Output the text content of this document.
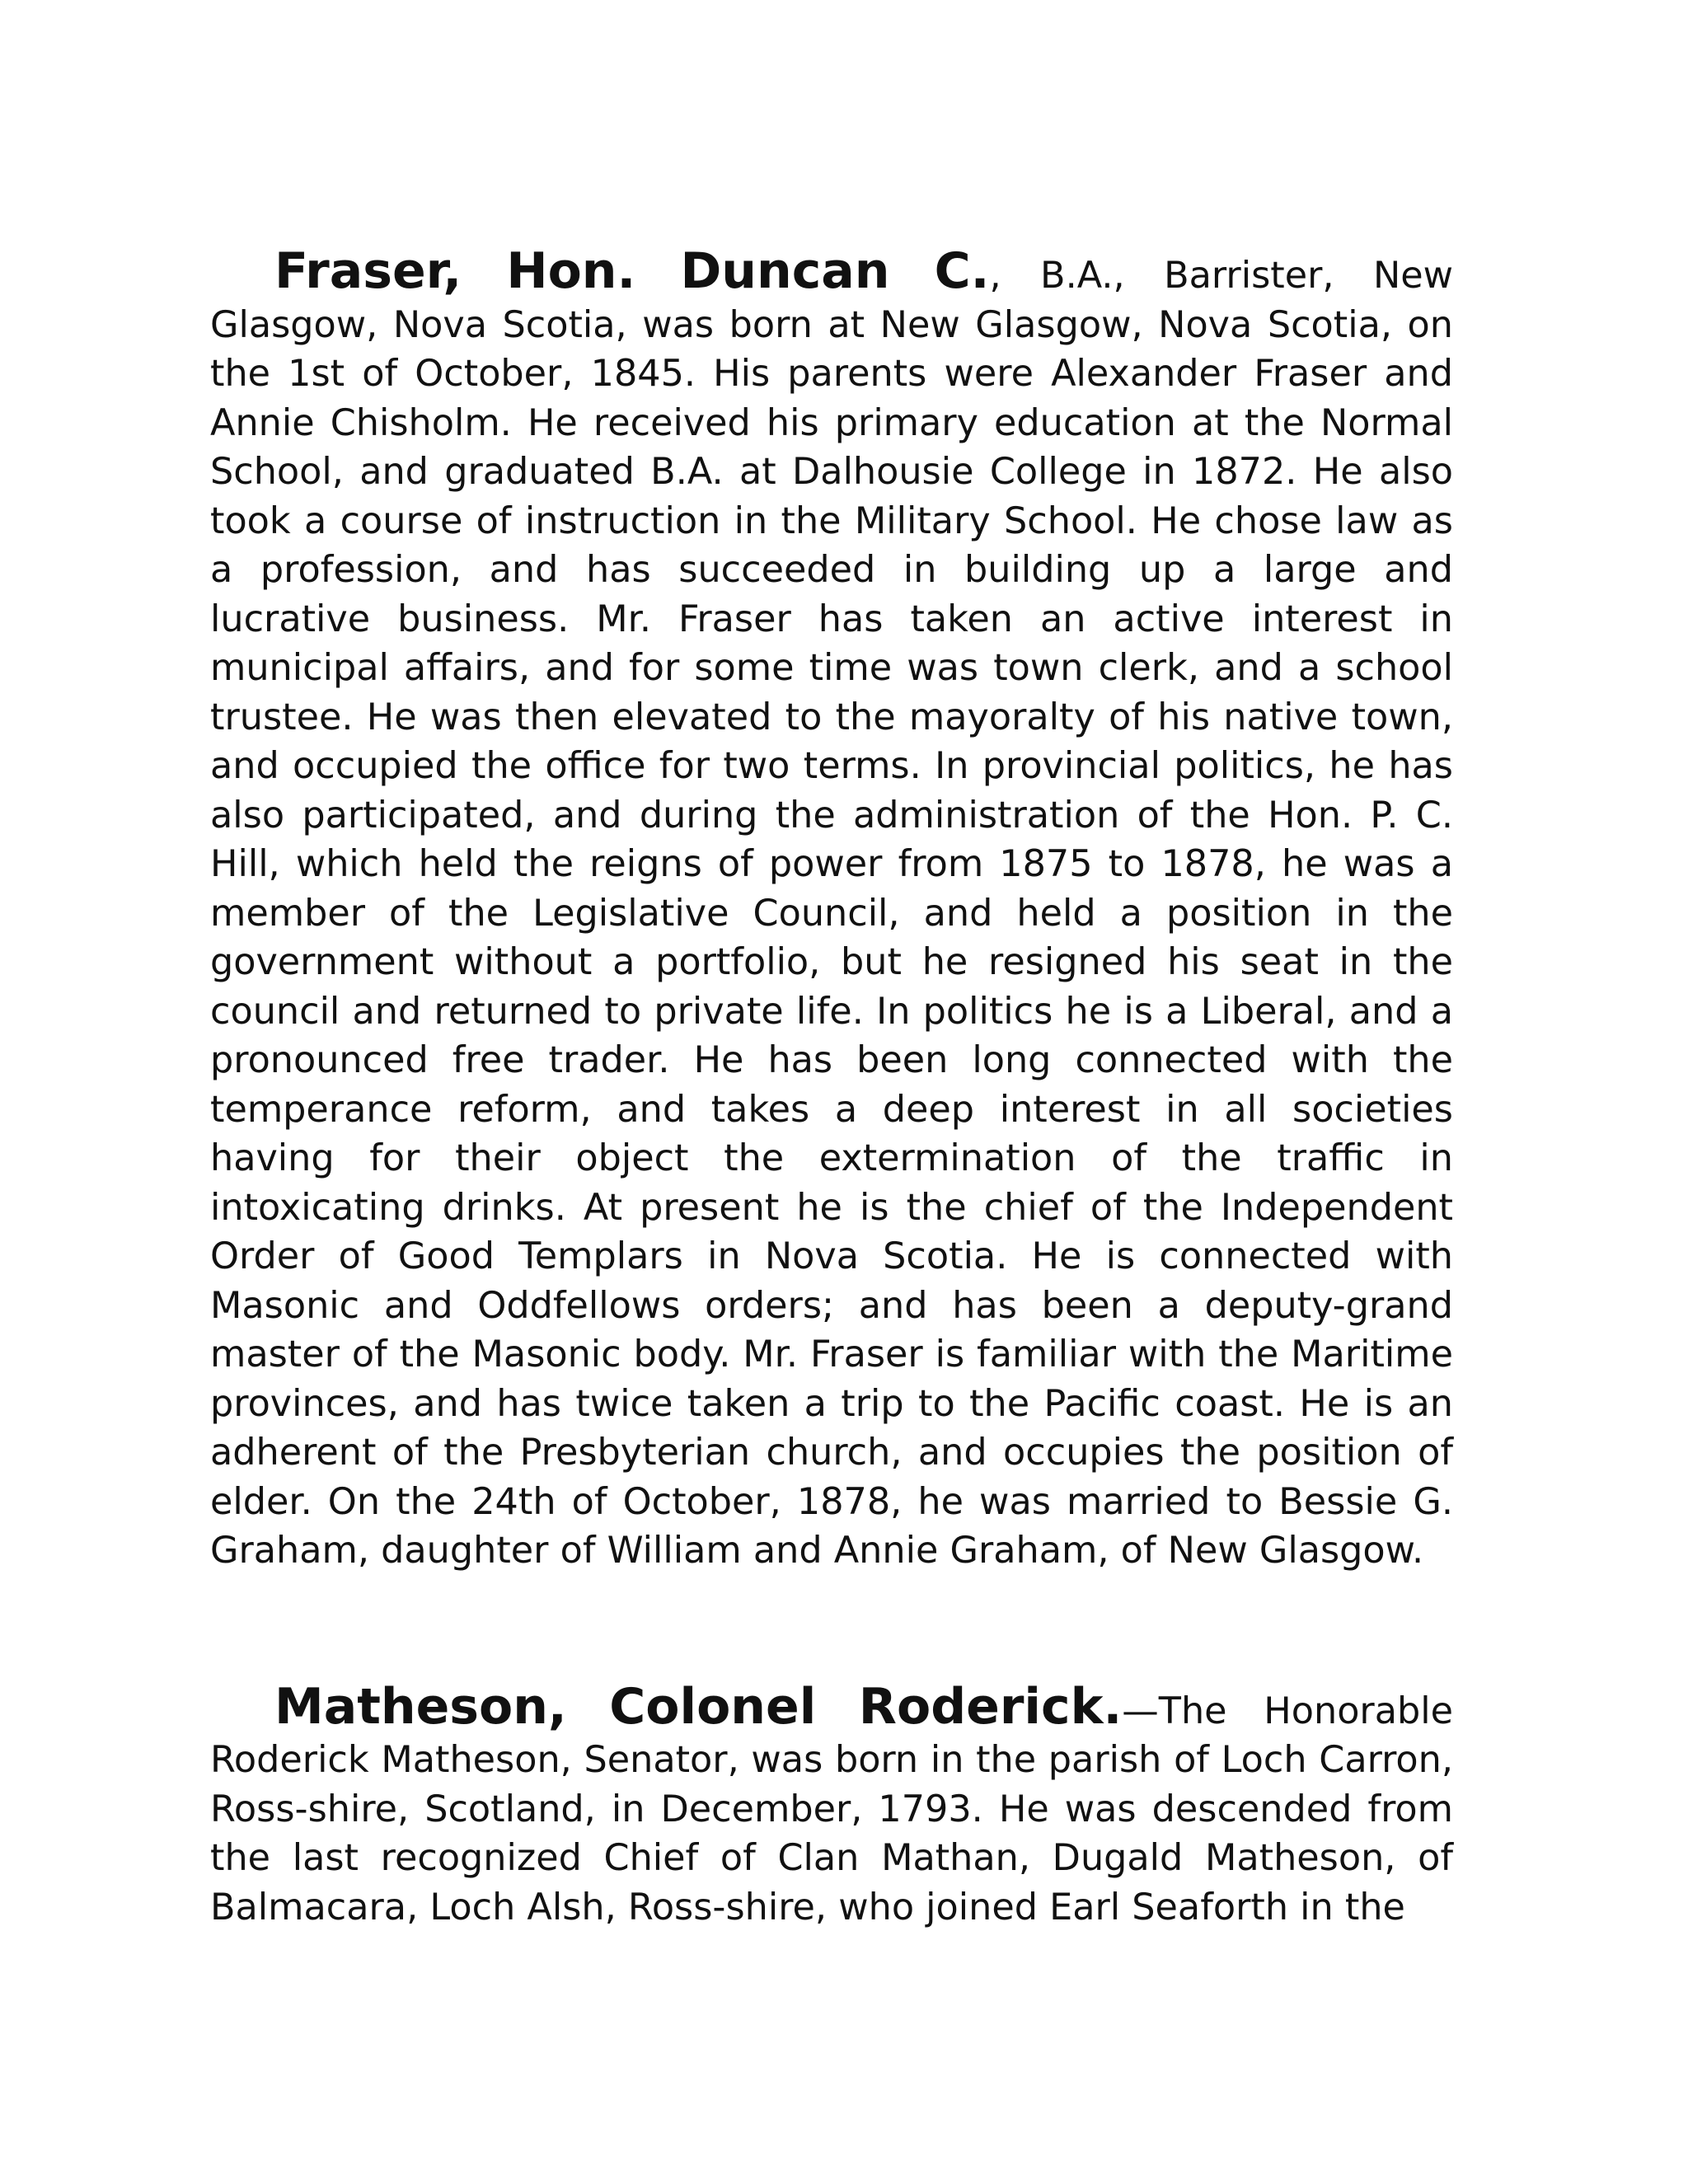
Fraser, Hon. Duncan C., B.A., Barrister, New Glasgow, Nova Scotia, was born at New Glasgow, Nova Scotia, on the 1st of October, 1845. His parents were Alexander Fraser and Annie Chisholm. He received his primary education at the Normal School, and graduated B.A. at Dalhousie College in 1872. He also took a course of instruction in the Military School. He chose law as a profession, and has succeeded in building up a large and lucrative business. Mr. Fraser has taken an active interest in municipal affairs, and for some time was town clerk, and a school trustee. He was then elevated to the mayoralty of his native town, and occupied the office for two terms. In provincial politics, he has also participated, and during the administration of the Hon. P. C. Hill, which held the reigns of power from 1875 to 1878, he was a member of the Legislative Council, and held a position in the government without a portfolio, but he resigned his seat in the council and returned to private life. In politics he is a Liberal, and a pronounced free trader. He has been long connected with the temperance reform, and takes a deep interest in all societies having for their object the extermination of the traffic in intoxicating drinks. At present he is the chief of the Independent Order of Good Templars in Nova Scotia. He is connected with Masonic and Oddfellows orders; and has been a deputy-grand master of the Masonic body. Mr. Fraser is familiar with the Maritime provinces, and has twice taken a trip to the Pacific coast. He is an adherent of the Presbyterian church, and occupies the position of elder. On the 24th of October, 1878, he was married to Bessie G. Graham, daughter of William and Annie Graham, of New Glasgow.

Matheson, Colonel Roderick.—The Honorable Roderick Matheson, Senator, was born in the parish of Loch Carron, Ross-shire, Scotland, in December, 1793. He was descended from the last recognized Chief of Clan Mathan, Dugald Matheson, of Balmacara, Loch Alsh, Ross-shire, who joined Earl Seaforth in the
